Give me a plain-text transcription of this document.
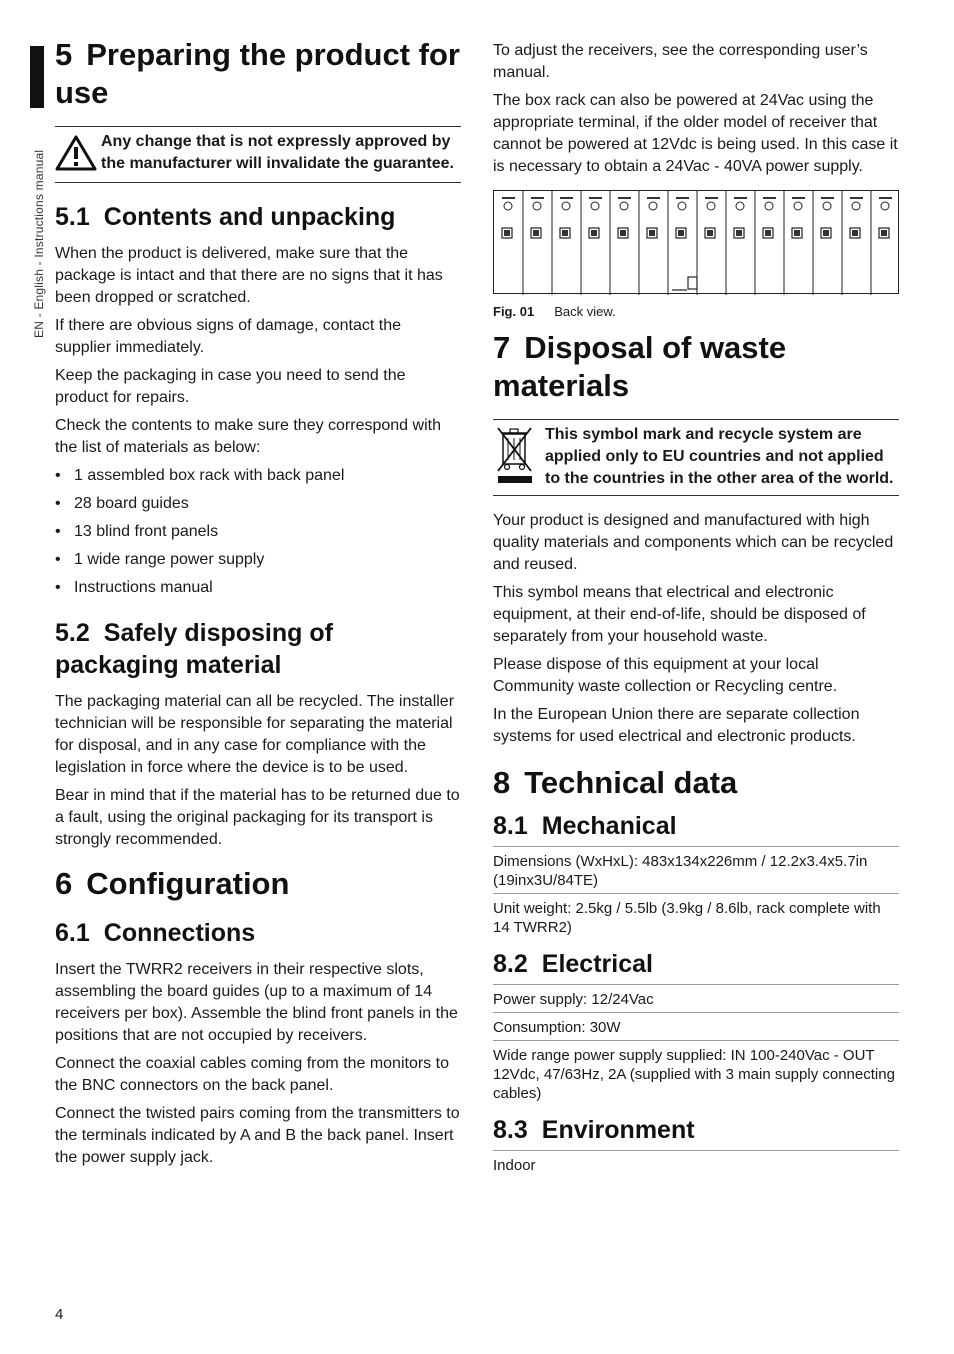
EN - English - Instructions manual
5 Preparing the product for use
Any change that is not expressly approved by the manufacturer will invalidate the guarantee.
5.1 Contents and unpacking

When the product is delivered, make sure that the package is intact and that there are no signs that it has been dropped or scratched.

If there are obvious signs of damage, contact the supplier immediately.

Keep the packaging in case you need to send the product for repairs.

Check the contents to make sure they correspond with the list of materials as below:

• 1 assembled box rack with back panel
• 28 board guides
• 13 blind front panels
• 1 wide range power supply
• Instructions manual
5.2 Safely disposing of packaging material

The packaging material can all be recycled. The installer technician will be responsible for separating the material for disposal, and in any case for compliance with the legislation in force where the device is to be used.

Bear in mind that if the material has to be returned due to a fault, using the original packaging for its transport is strongly recommended.

6 Configuration
6.1 Connections

Insert the TWRR2 receivers in their respective slots, assembling the board guides (up to a maximum of 14 receivers per box). Assemble the blind front panels in the positions that are not occupied by receivers.

Connect the coaxial cables coming from the monitors to the BNC connectors on the back panel.

Connect the twisted pairs coming from the transmitters to the terminals indicated by A and B the back panel. Insert the power supply jack.

To adjust the receivers, see the corresponding user’s manual.

The box rack can also be powered at 24Vac using the appropriate terminal, if the older model of receiver that cannot be powered at 12Vdc is being used. In this case it is necessary to obtain a 24Vac - 40VA power supply.

Fig. 01 Back view.
7 Disposal of waste materials
This symbol mark and recycle system are applied only to EU countries and not applied to the countries in the other area of the world.

Your product is designed and manufactured with high quality materials and components which can be recycled and reused.

This symbol means that electrical and electronic equipment, at their end-of-life, should be disposed of separately from your household waste.

Please dispose of this equipment at your local Community waste collection or Recycling centre.

In the European Union there are separate collection systems for used electrical and electronic products.

8 Technical data
8.1 Mechanical
Dimensions (WxHxL): 483x134x226mm / 12.2x3.4x5.7in (19inx3U/84TE)
Unit weight: 2.5kg / 5.5lb (3.9kg / 8.6lb, rack complete with 14 TWRR2)
8.2 Electrical
Power supply: 12/24Vac
Consumption: 30W
Wide range power supply supplied: IN 100-240Vac - OUT 12Vdc, 47/63Hz, 2A (supplied with 3 main supply connecting cables)
8.3 Environment
Indoor
4
